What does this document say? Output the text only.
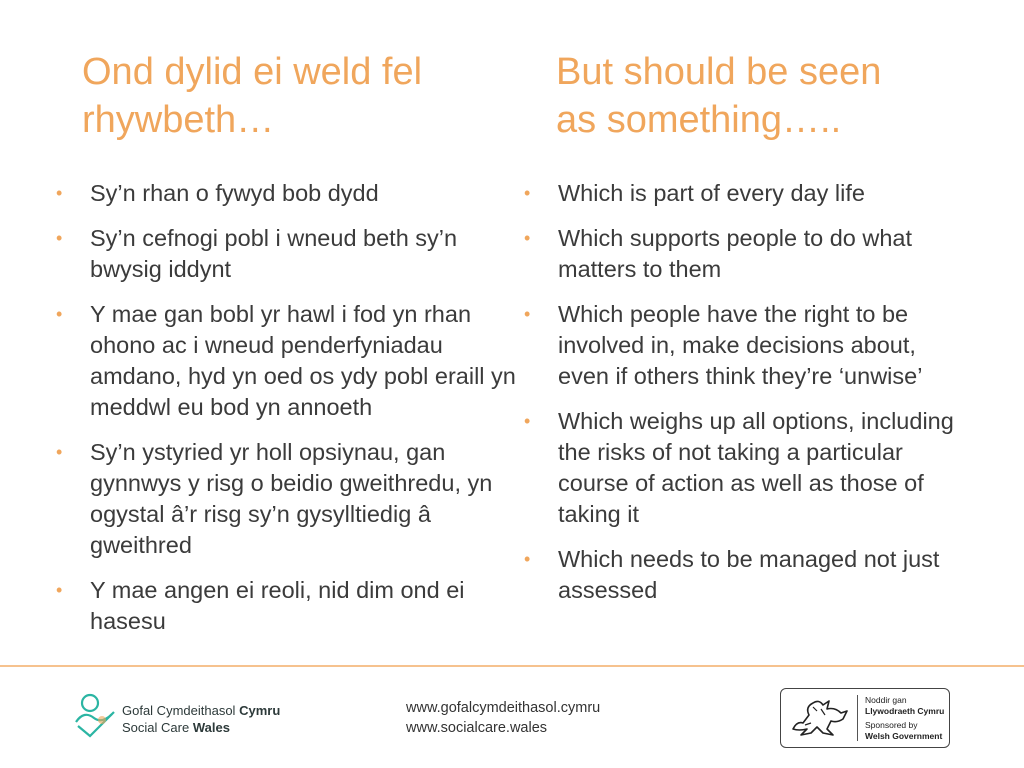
Ond dylid ei weld fel
rhywbeth…
But should be seen
as something…..
• Sy’n rhan o fywyd bob dydd
• Sy’n cefnogi pobl i wneud beth sy’n bwysig iddynt
• Y mae gan bobl yr hawl i fod yn rhan ohono ac i wneud penderfyniadau amdano, hyd yn oed os ydy pobl eraill yn meddwl eu bod yn annoeth
• Sy’n ystyried yr holl opsiynau, gan gynnwys y risg o beidio gweithredu, yn ogystal â’r risg sy’n gysylltiedig â gweithred
• Y mae angen ei reoli, nid dim ond ei hasesu
• Which is part of every day life
• Which supports people to do what matters to them
• Which people have the right to be involved in, make decisions about, even if others think they’re ‘unwise’
• Which weighs up all options, including the risks of not taking a particular course of action as well as those of taking it
• Which needs to be managed not just assessed
Gofal Cymdeithasol Cymru
Social Care Wales
www.gofalcymdeithasol.cymru
www.socialcare.wales
Noddir gan
Llywodraeth Cymru
Sponsored by
Welsh Government
